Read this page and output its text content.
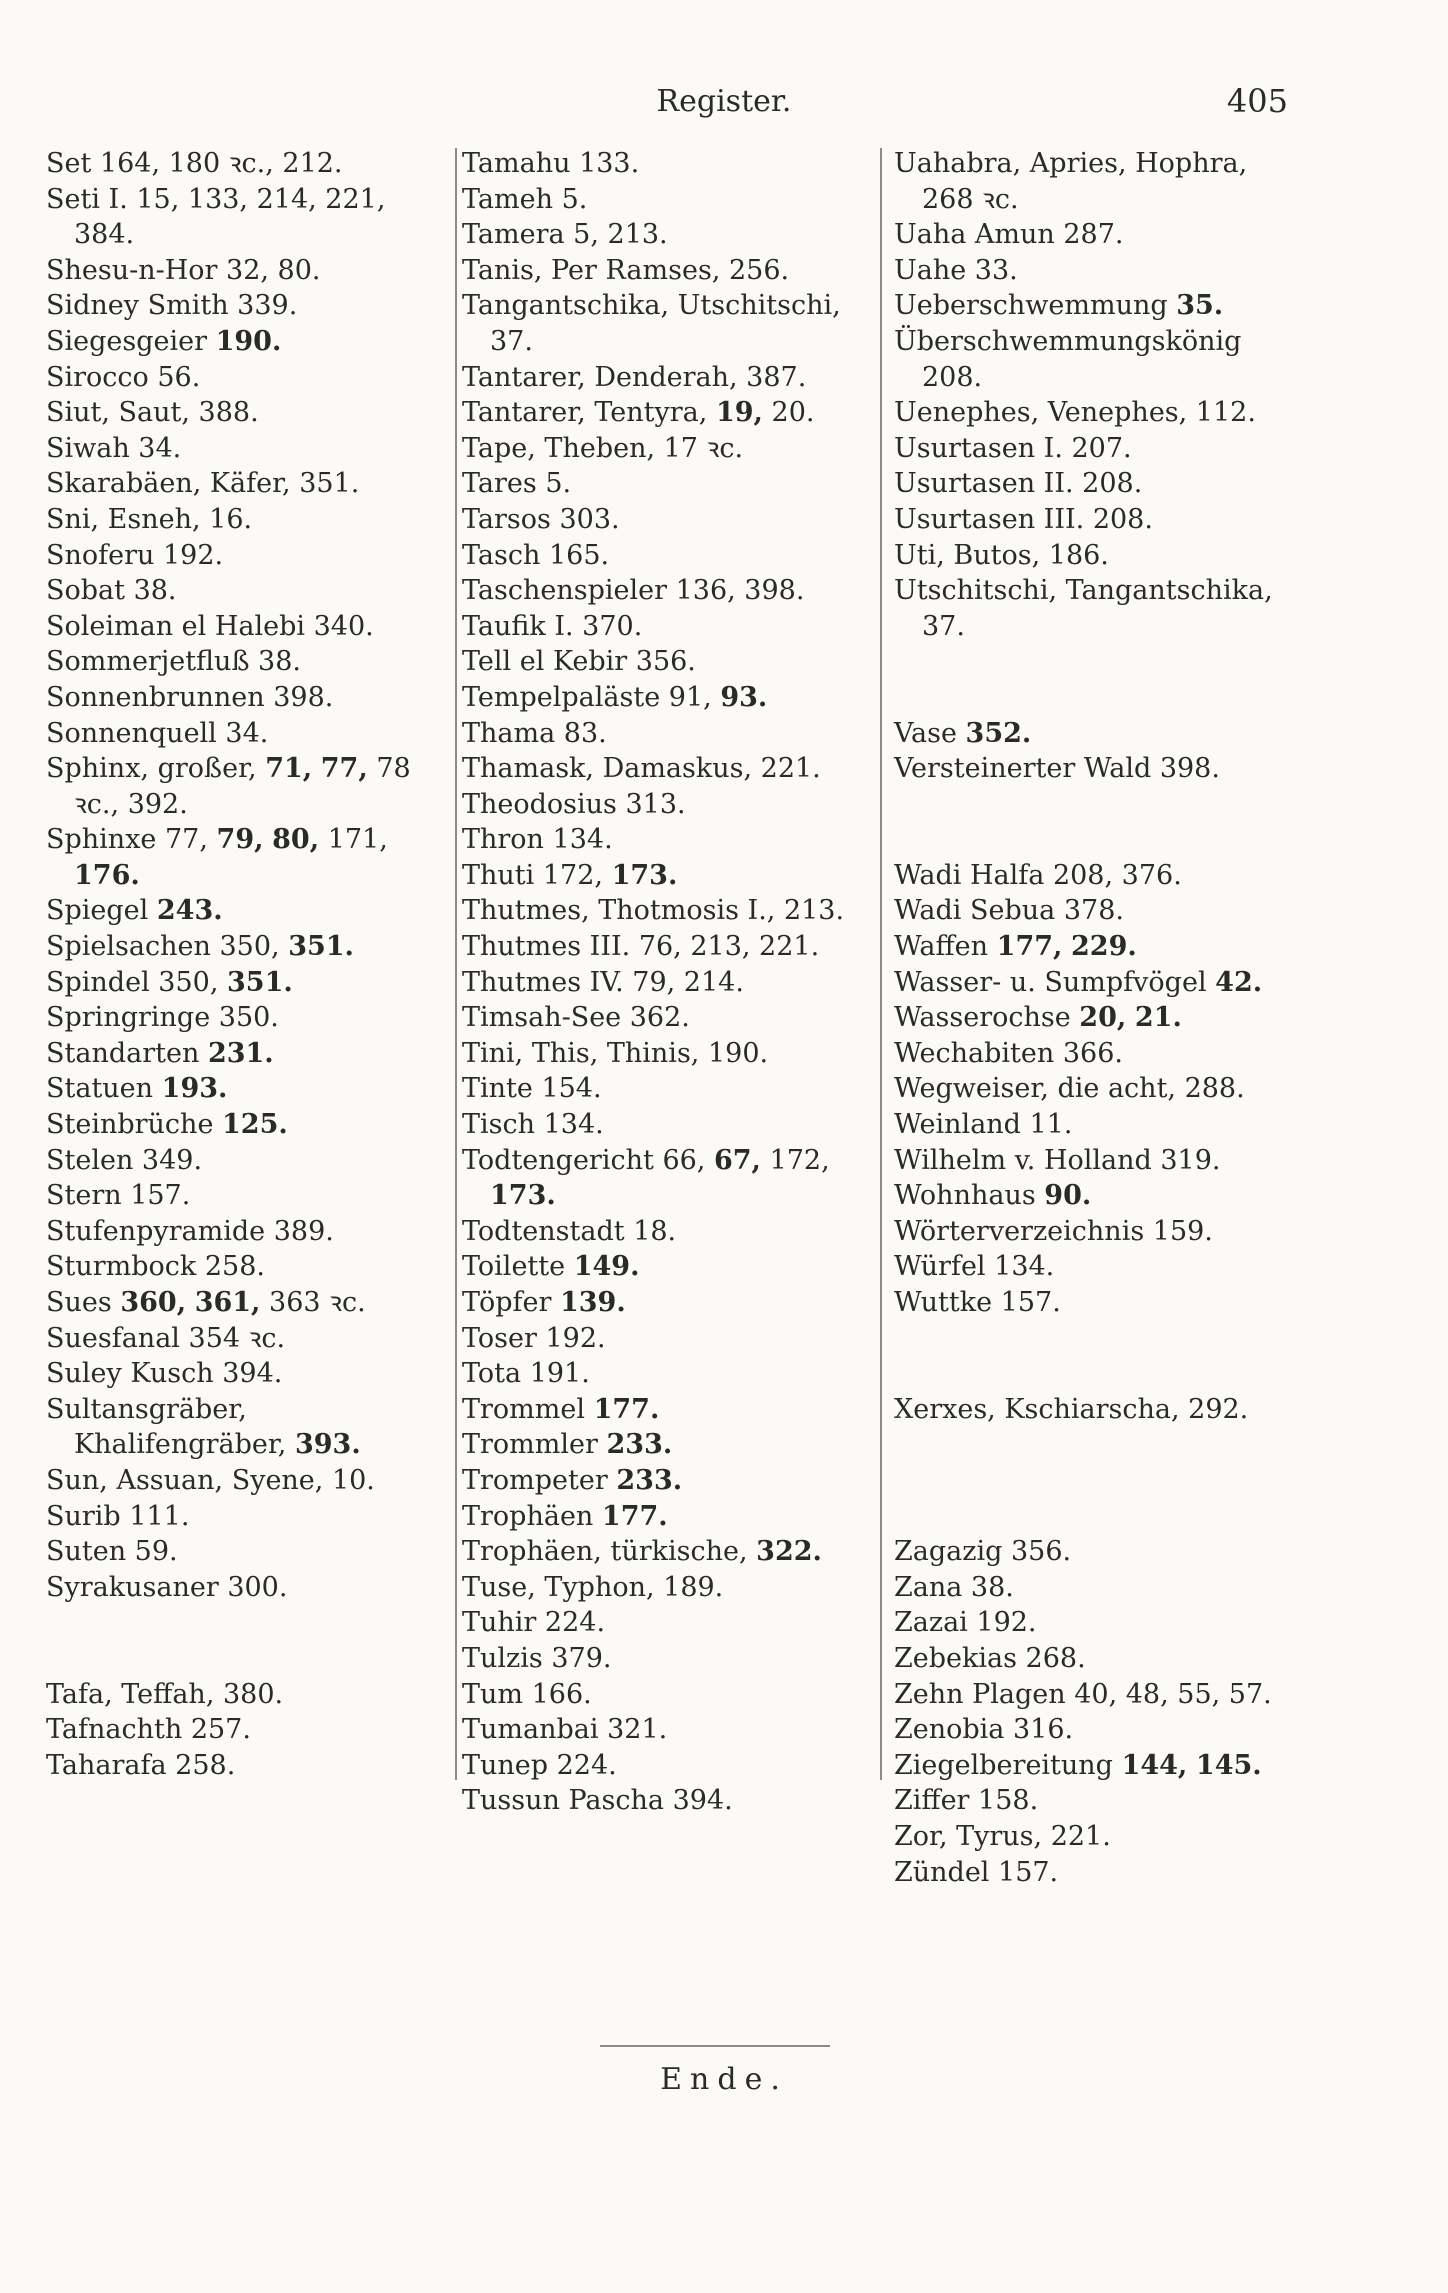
Register.	405
Set 164, 180 ꝛc., 212.
Seti I. 15, 133, 214, 221, 384.
Shesu-n-Hor 32, 80.
Sidney Smith 339.
Siegesgeier 190.
Sirocco 56.
Siut, Saut, 388.
Siwah 34.
Skarabäen, Käfer, 351.
Sni, Esneh, 16.
Snoferu 192.
Sobat 38.
Soleiman el Halebi 340.
Sommerjetfluß 38.
Sonnenbrunnen 398.
Sonnenquell 34.
Sphinx, großer, 71, 77, 78 ꝛc., 392.
Sphinxe 77, 79, 80, 171, 176.
Spiegel 243.
Spielsachen 350, 351.
Spindel 350, 351.
Springringe 350.
Standarten 231.
Statuen 193.
Steinbrüche 125.
Stelen 349.
Stern 157.
Stufenpyramide 389.
Sturmbock 258.
Sues 360, 361, 363 ꝛc.
Suesfanal 354 ꝛc.
Suley Kusch 394.
Sultansgräber, Khalifengräber, 393.
Sun, Assuan, Syene, 10.
Surib 111.
Suten 59.
Syrakusaner 300.
Tafa, Teffah, 380.
Tafnachth 257.
Taharafa 258.
Tamahu 133.
Tameh 5.
Tamera 5, 213.
Tanis, Per Ramses, 256.
Tangantschika, Utschitschi, 37.
Tantarer, Denderah, 387.
Tantarer, Tentyra, 19, 20.
Tape, Theben, 17 ꝛc.
Tares 5.
Tarsos 303.
Tasch 165.
Taschenspieler 136, 398.
Taufik I. 370.
Tell el Kebir 356.
Tempelpaläste 91, 93.
Thama 83.
Thamask, Damaskus, 221.
Theodosius 313.
Thron 134.
Thuti 172, 173.
Thutmes, Thotmosis I., 213.
Thutmes III. 76, 213, 221.
Thutmes IV. 79, 214.
Timsah-See 362.
Tini, This, Thinis, 190.
Tinte 154.
Tisch 134.
Todtengericht 66, 67, 172, 173.
Todtenstadt 18.
Toilette 149.
Töpfer 139.
Toser 192.
Tota 191.
Trommel 177.
Trommler 233.
Trompeter 233.
Trophäen 177.
Trophäen, türkische, 322.
Tuse, Typhon, 189.
Tuhir 224.
Tulzis 379.
Tum 166.
Tumanbai 321.
Tunep 224.
Tussun Pascha 394.
Uahabra, Apries, Hophra, 268 ꝛc.
Uaha Amun 287.
Uahe 33.
Ueberschwemmung 35.
Überschwemmungskönig 208.
Uenephes, Venephes, 112.
Usurtasen I. 207.
Usurtasen II. 208.
Usurtasen III. 208.
Uti, Butos, 186.
Utschitschi, Tangantschika, 37.
Vase 352.
Versteinerter Wald 398.
Wadi Halfa 208, 376.
Wadi Sebua 378.
Waffen 177, 229.
Wasser- u. Sumpfvögel 42.
Wasserochse 20, 21.
Wechabiten 366.
Wegweiser, die acht, 288.
Weinland 11.
Wilhelm v. Holland 319.
Wohnhaus 90.
Wörterverzeichnis 159.
Würfel 134.
Wuttke 157.
Xerxes, Kschiarscha, 292.
Zagazig 356.
Zana 38.
Zazai 192.
Zebekias 268.
Zehn Plagen 40, 48, 55, 57.
Zenobia 316.
Ziegelbereitung 144, 145.
Ziffer 158.
Zor, Tyrus, 221.
Zündel 157.
Ende.
